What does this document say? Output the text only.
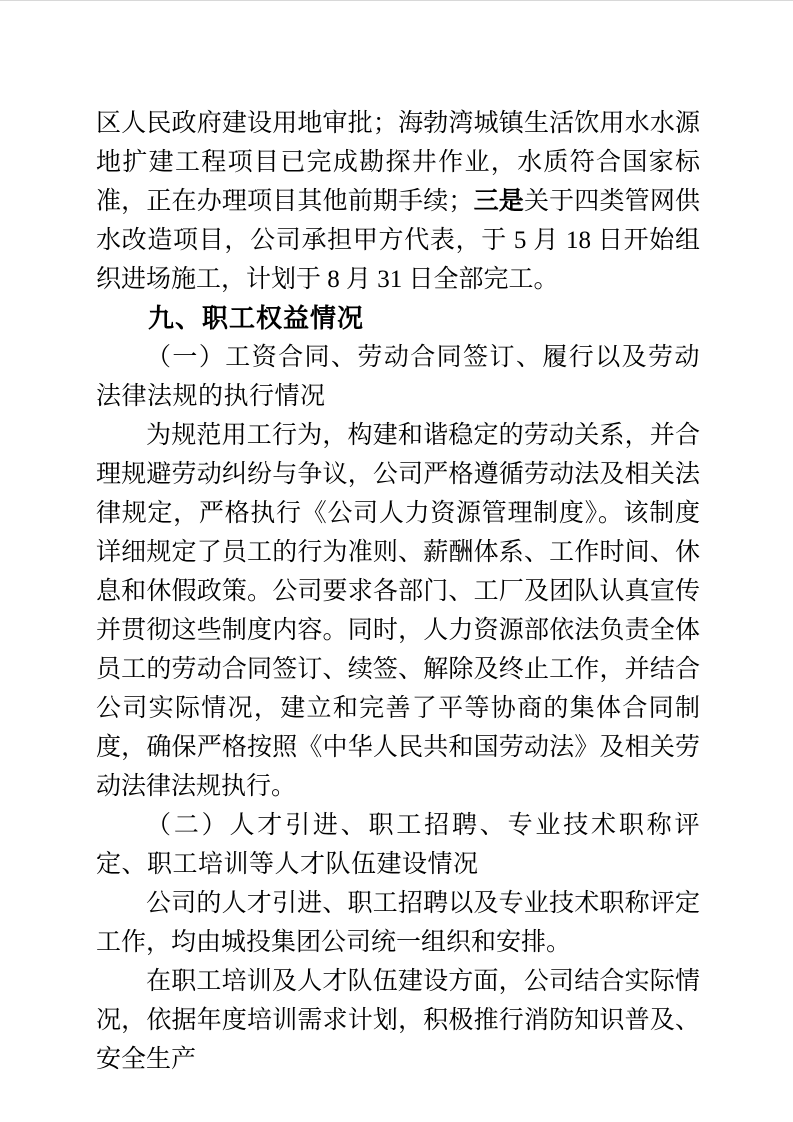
区人民政府建设用地审批；海勃湾城镇生活饮用水水源地扩建工程项目已完成勘探井作业，水质符合国家标准，正在办理项目其他前期手续；三是关于四类管网供水改造项目，公司承担甲方代表，于 5 月 18 日开始组织进场施工，计划于 8 月 31 日全部完工。

九、职工权益情况

（一）工资合同、劳动合同签订、履行以及劳动法律法规的执行情况

为规范用工行为，构建和谐稳定的劳动关系，并合理规避劳动纠纷与争议，公司严格遵循劳动法及相关法律规定，严格执行《公司人力资源管理制度》。该制度详细规定了员工的行为准则、薪酬体系、工作时间、休息和休假政策。公司要求各部门、工厂及团队认真宣传并贯彻这些制度内容。同时，人力资源部依法负责全体员工的劳动合同签订、续签、解除及终止工作，并结合公司实际情况，建立和完善了平等协商的集体合同制度，确保严格按照《中华人民共和国劳动法》及相关劳动法律法规执行。

（二）人才引进、职工招聘、专业技术职称评定、职工培训等人才队伍建设情况

公司的人才引进、职工招聘以及专业技术职称评定工作，均由城投集团公司统一组织和安排。

在职工培训及人才队伍建设方面，公司结合实际情况，依据年度培训需求计划，积极推行消防知识普及、安全生产
